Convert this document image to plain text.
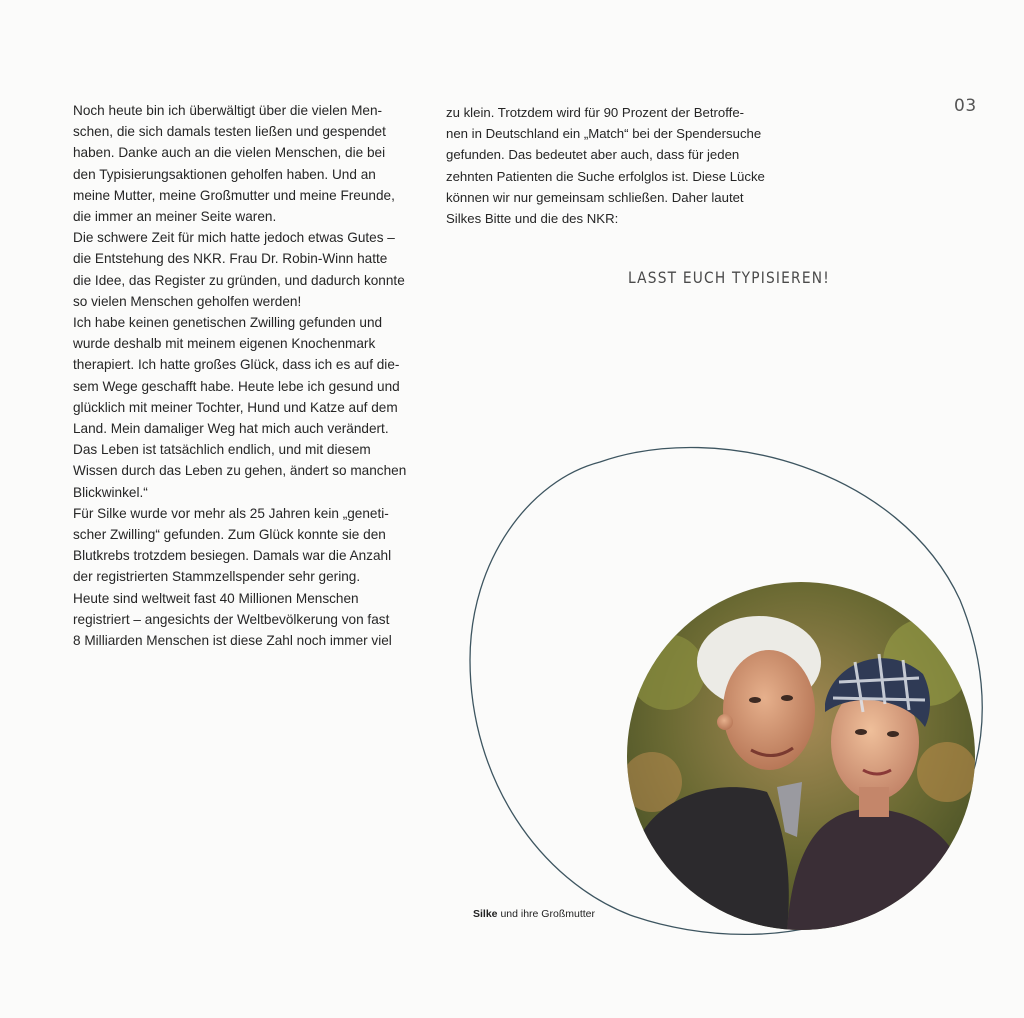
03

Noch heute bin ich überwältigt über die vielen Men-
schen, die sich damals testen ließen und gespendet
haben. Danke auch an die vielen Menschen, die bei
den Typisierungsaktionen geholfen haben. Und an
meine Mutter, meine Großmutter und meine Freunde,
die immer an meiner Seite waren.
Die schwere Zeit für mich hatte jedoch etwas Gutes –
die Entstehung des NKR. Frau Dr. Robin-Winn hatte
die Idee, das Register zu gründen, und dadurch konnte
so vielen Menschen geholfen werden!
Ich habe keinen genetischen Zwilling gefunden und
wurde deshalb mit meinem eigenen Knochenmark
therapiert. Ich hatte großes Glück, dass ich es auf die-
sem Wege geschafft habe. Heute lebe ich gesund und
glücklich mit meiner Tochter, Hund und Katze auf dem
Land. Mein damaliger Weg hat mich auch verändert.
Das Leben ist tatsächlich endlich, und mit diesem
Wissen durch das Leben zu gehen, ändert so manchen
Blickwinkel.“
Für Silke wurde vor mehr als 25 Jahren kein „geneti-
scher Zwilling“ gefunden. Zum Glück konnte sie den
Blutkrebs trotzdem besiegen. Damals war die Anzahl
der registrierten Stammzellspender sehr gering.
Heute sind weltweit fast 40 Millionen Menschen
registriert – angesichts der Weltbevölkerung von fast
8 Milliarden Menschen ist diese Zahl noch immer viel

zu klein. Trotzdem wird für 90 Prozent der Betroffe-
nen in Deutschland ein „Match“ bei der Spendersuche
gefunden. Das bedeutet aber auch, dass für jeden
zehnten Patienten die Suche erfolglos ist. Diese Lücke
können wir nur gemeinsam schließen. Daher lautet
Silkes Bitte und die des NKR:

LASST EUCH TYPISIEREN!
Silke und ihre Großmutter
